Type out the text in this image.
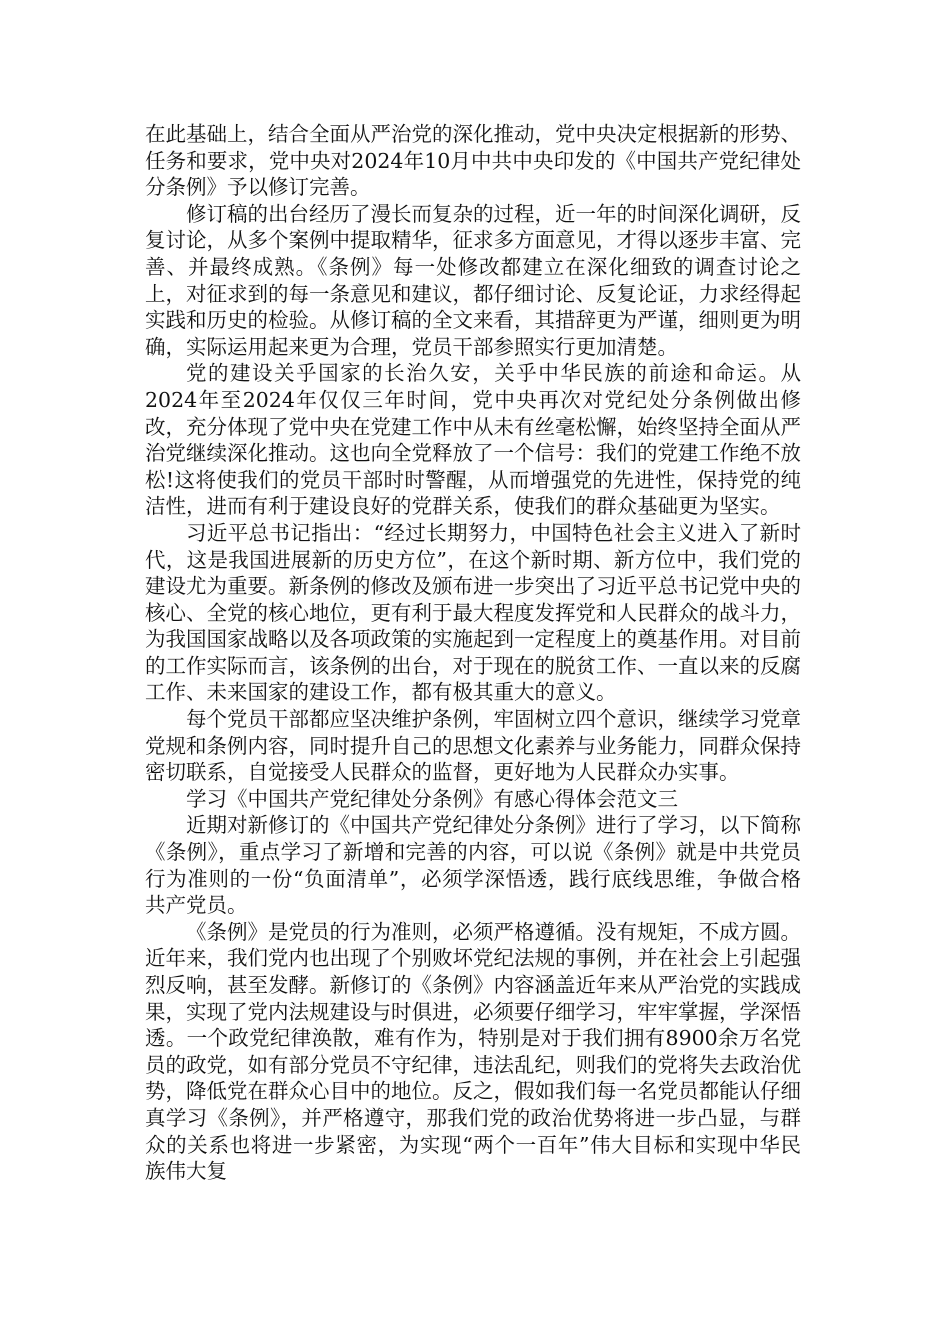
在此基础上，结合全面从严治党的深化推动，党中央决定根据新的形势、任务和要求，党中央对2024年10月中共中央印发的《中国共产党纪律处分条例》予以修订完善。

修订稿的出台经历了漫长而复杂的过程，近一年的时间深化调研，反复讨论，从多个案例中提取精华，征求多方面意见，才得以逐步丰富、完善、并最终成熟。《条例》每一处修改都建立在深化细致的调查讨论之上，对征求到的每一条意见和建议，都仔细讨论、反复论证，力求经得起实践和历史的检验。从修订稿的全文来看，其措辞更为严谨，细则更为明确，实际运用起来更为合理，党员干部参照实行更加清楚。

党的建设关乎国家的长治久安，关乎中华民族的前途和命运。从2024年至2024年仅仅三年时间，党中央再次对党纪处分条例做出修改，充分体现了党中央在党建工作中从未有丝毫松懈，始终坚持全面从严治党继续深化推动。这也向全党释放了一个信号：我们的党建工作绝不放松!这将使我们的党员干部时时警醒，从而增强党的先进性，保持党的纯洁性，进而有利于建设良好的党群关系，使我们的群众基础更为坚实。

习近平总书记指出：“经过长期努力，中国特色社会主义进入了新时代，这是我国进展新的历史方位”，在这个新时期、新方位中，我们党的建设尤为重要。新条例的修改及颁布进一步突出了习近平总书记党中央的核心、全党的核心地位，更有利于最大程度发挥党和人民群众的战斗力，为我国国家战略以及各项政策的实施起到一定程度上的奠基作用。对目前的工作实际而言，该条例的出台，对于现在的脱贫工作、一直以来的反腐工作、未来国家的建设工作，都有极其重大的意义。

每个党员干部都应坚决维护条例，牢固树立四个意识，继续学习党章党规和条例内容，同时提升自己的思想文化素养与业务能力，同群众保持密切联系，自觉接受人民群众的监督，更好地为人民群众办实事。

学习《中国共产党纪律处分条例》有感心得体会范文三

近期对新修订的《中国共产党纪律处分条例》进行了学习，以下简称《条例》，重点学习了新增和完善的内容，可以说《条例》就是中共党员行为准则的一份“负面清单”，必须学深悟透，践行底线思维，争做合格共产党员。

《条例》是党员的行为准则，必须严格遵循。没有规矩，不成方圆。近年来，我们党内也出现了个别败坏党纪法规的事例，并在社会上引起强烈反响，甚至发酵。新修订的《条例》内容涵盖近年来从严治党的实践成果，实现了党内法规建设与时俱进，必须要仔细学习，牢牢掌握，学深悟透。一个政党纪律涣散，难有作为，特别是对于我们拥有8900余万名党员的政党，如有部分党员不守纪律，违法乱纪，则我们的党将失去政治优势，降低党在群众心目中的地位。反之，假如我们每一名党员都能认仔细真学习《条例》，并严格遵守，那我们党的政治优势将进一步凸显，与群众的关系也将进一步紧密，为实现“两个一百年”伟大目标和实现中华民族伟大复
